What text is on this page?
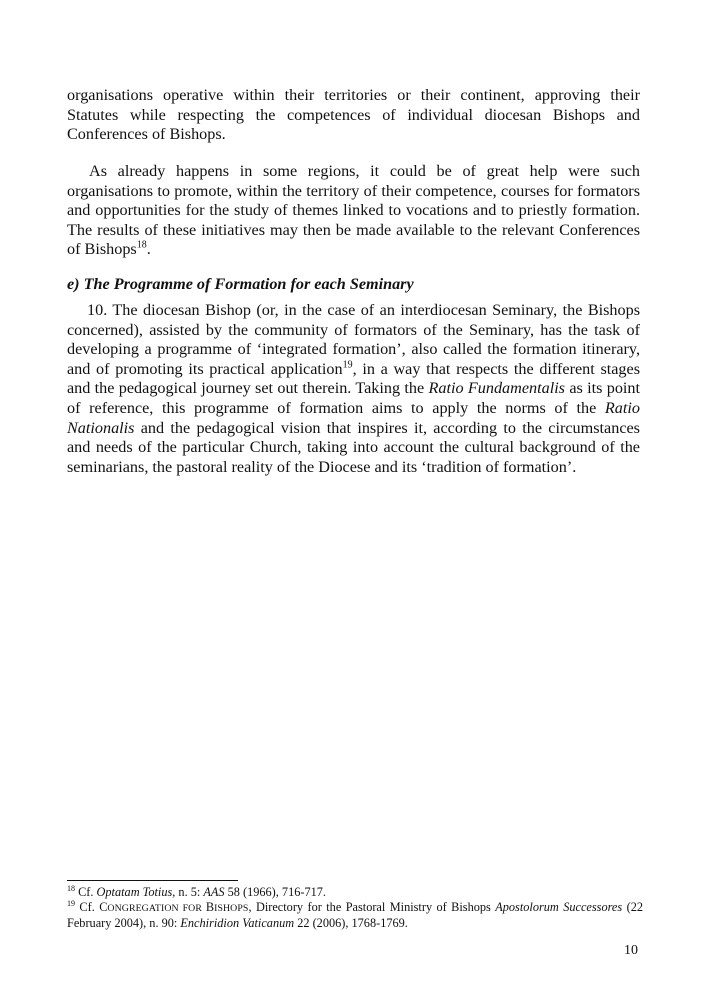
organisations operative within their territories or their continent, approving their Statutes while respecting the competences of individual diocesan Bishops and Conferences of Bishops.

As already happens in some regions, it could be of great help were such organisations to promote, within the territory of their competence, courses for formators and opportunities for the study of themes linked to vocations and to priestly formation. The results of these initiatives may then be made available to the relevant Conferences of Bishops$^{18}$.

e) The Programme of Formation for each Seminary

10. The diocesan Bishop (or, in the case of an interdiocesan Seminary, the Bishops concerned), assisted by the community of formators of the Seminary, has the task of developing a programme of ‘integrated formation’, also called the formation itinerary, and of promoting its practical application$^{19}$, in a way that respects the different stages and the pedagogical journey set out therein. Taking the Ratio Fundamentalis as its point of reference, this programme of formation aims to apply the norms of the Ratio Nationalis and the pedagogical vision that inspires it, according to the circumstances and needs of the particular Church, taking into account the cultural background of the seminarians, the pastoral reality of the Diocese and its ‘tradition of formation’.

$^{18}$ Cf. Optatam Totius, n. 5: AAS 58 (1966), 716-717.

$^{19}$ Cf. CONGREGATION FOR BISHOPS, Directory for the Pastoral Ministry of Bishops Apostolorum Successores (22 February 2004), n. 90: Enchiridion Vaticanum 22 (2006), 1768-1769.

10
